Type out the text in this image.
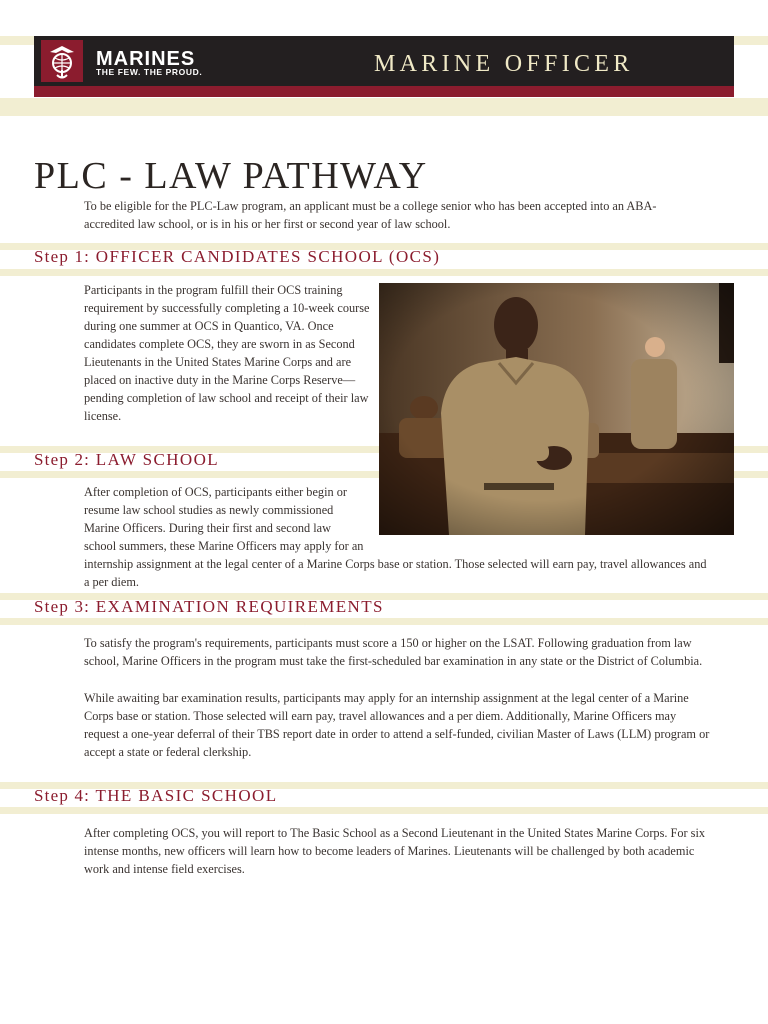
MARINES
THE FEW. THE PROUD.	MARINE OFFICER
PLC - LAW PATHWAY

To be eligible for the PLC-Law program, an applicant must be a college senior who has been accepted into an ABA-accredited law school, or is in his or her first or second year of law school.

Step 1: OFFICER CANDIDATES SCHOOL (OCS)

Participants in the program fulfill their OCS training requirement by successfully completing a 10-week course during one summer at OCS in Quantico, VA. Once candidates complete OCS, they are sworn in as Second Lieutenants in the United States Marine Corps and are placed on inactive duty in the Marine Corps Reserve—pending completion of law school and receipt of their law license.

Step 2: LAW SCHOOL

After completion of OCS, participants either begin or resume law school studies as newly commissioned Marine Officers. During their first and second law school summers, these Marine Officers may apply for an internship assignment at the legal center of a Marine Corps base or station. Those selected will earn pay, travel allowances and a per diem.

Step 3: EXAMINATION REQUIREMENTS

To satisfy the program's requirements, participants must score a 150 or higher on the LSAT. Following graduation from law school, Marine Officers in the program must take the first-scheduled bar examination in any state or the District of Columbia.

While awaiting bar examination results, participants may apply for an internship assignment at the legal center of a Marine Corps base or station. Those selected will earn pay, travel allowances and a per diem. Additionally, Marine Officers may request a one-year deferral of their TBS report date in order to attend a self-funded, civilian Master of Laws (LLM) program or accept a state or federal clerkship.

Step 4: THE BASIC SCHOOL

After completing OCS, you will report to The Basic School as a Second Lieutenant in the United States Marine Corps. For six intense months, new officers will learn how to become leaders of Marines. Lieutenants will be challenged by both academic work and intense field exercises.
